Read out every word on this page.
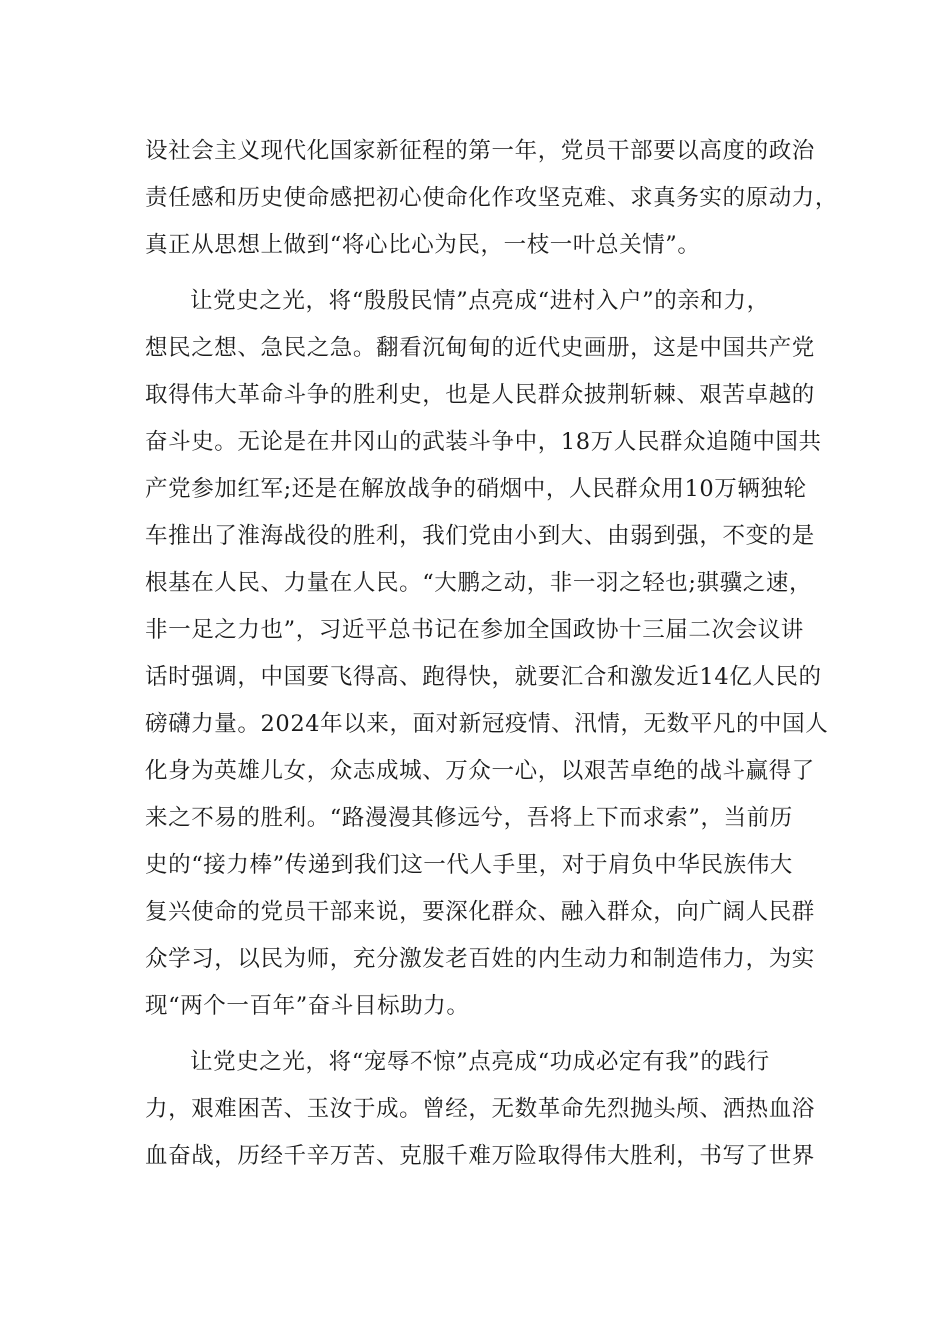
设社会主义现代化国家新征程的第一年，党员干部要以高度的政治
责任感和历史使命感把初心使命化作攻坚克难、求真务实的原动力，
真正从思想上做到“将心比心为民，一枝一叶总关情”。
让党史之光，将“殷殷民情”点亮成“进村入户”的亲和力，
想民之想、急民之急。翻看沉甸甸的近代史画册，这是中国共产党
取得伟大革命斗争的胜利史，也是人民群众披荆斩棘、艰苦卓越的
奋斗史。无论是在井冈山的武装斗争中，18万人民群众追随中国共
产党参加红军;还是在解放战争的硝烟中，人民群众用10万辆独轮
车推出了淮海战役的胜利，我们党由小到大、由弱到强，不变的是
根基在人民、力量在人民。“大鹏之动，非一羽之轻也;骐骥之速，
非一足之力也”，习近平总书记在参加全国政协十三届二次会议讲
话时强调，中国要飞得高、跑得快，就要汇合和激发近14亿人民的
磅礴力量。2024年以来，面对新冠疫情、汛情，无数平凡的中国人
化身为英雄儿女，众志成城、万众一心，以艰苦卓绝的战斗赢得了
来之不易的胜利。“路漫漫其修远兮，吾将上下而求索”，当前历
史的“接力棒”传递到我们这一代人手里，对于肩负中华民族伟大
复兴使命的党员干部来说，要深化群众、融入群众，向广阔人民群
众学习，以民为师，充分激发老百姓的内生动力和制造伟力，为实
现“两个一百年”奋斗目标助力。
让党史之光，将“宠辱不惊”点亮成“功成必定有我”的践行
力，艰难困苦、玉汝于成。曾经，无数革命先烈抛头颅、洒热血浴
血奋战，历经千辛万苦、克服千难万险取得伟大胜利，书写了世界
